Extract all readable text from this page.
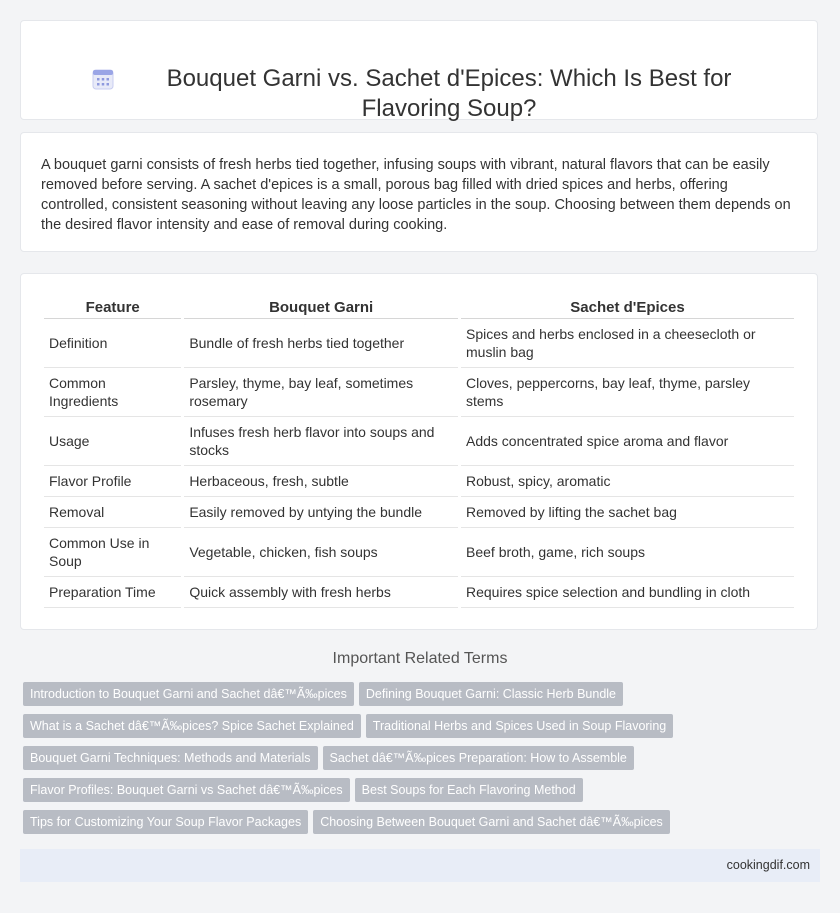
Bouquet Garni vs. Sachet d'Epices: Which Is Best for Flavoring Soup?

A bouquet garni consists of fresh herbs tied together, infusing soups with vibrant, natural flavors that can be easily removed before serving. A sachet d'epices is a small, porous bag filled with dried spices and herbs, offering controlled, consistent seasoning without leaving any loose particles in the soup. Choosing between them depends on the desired flavor intensity and ease of removal during cooking.

Feature	Bouquet Garni	Sachet d'Epices
Definition	Bundle of fresh herbs tied together	Spices and herbs enclosed in a cheesecloth or muslin bag
Common Ingredients	Parsley, thyme, bay leaf, sometimes rosemary	Cloves, peppercorns, bay leaf, thyme, parsley stems
Usage	Infuses fresh herb flavor into soups and stocks	Adds concentrated spice aroma and flavor
Flavor Profile	Herbaceous, fresh, subtle	Robust, spicy, aromatic
Removal	Easily removed by untying the bundle	Removed by lifting the sachet bag
Common Use in Soup	Vegetable, chicken, fish soups	Beef broth, game, rich soups
Preparation Time	Quick assembly with fresh herbs	Requires spice selection and bundling in cloth
Important Related Terms
Introduction to Bouquet Garni and Sachet dâ€™Ã‰pices Defining Bouquet Garni: Classic Herb Bundle
What is a Sachet dâ€™Ã‰pices? Spice Sachet Explained Traditional Herbs and Spices Used in Soup Flavoring
Bouquet Garni Techniques: Methods and Materials Sachet dâ€™Ã‰pices Preparation: How to Assemble
Flavor Profiles: Bouquet Garni vs Sachet dâ€™Ã‰pices Best Soups for Each Flavoring Method
Tips for Customizing Your Soup Flavor Packages Choosing Between Bouquet Garni and Sachet dâ€™Ã‰pices
cookingdif.com
